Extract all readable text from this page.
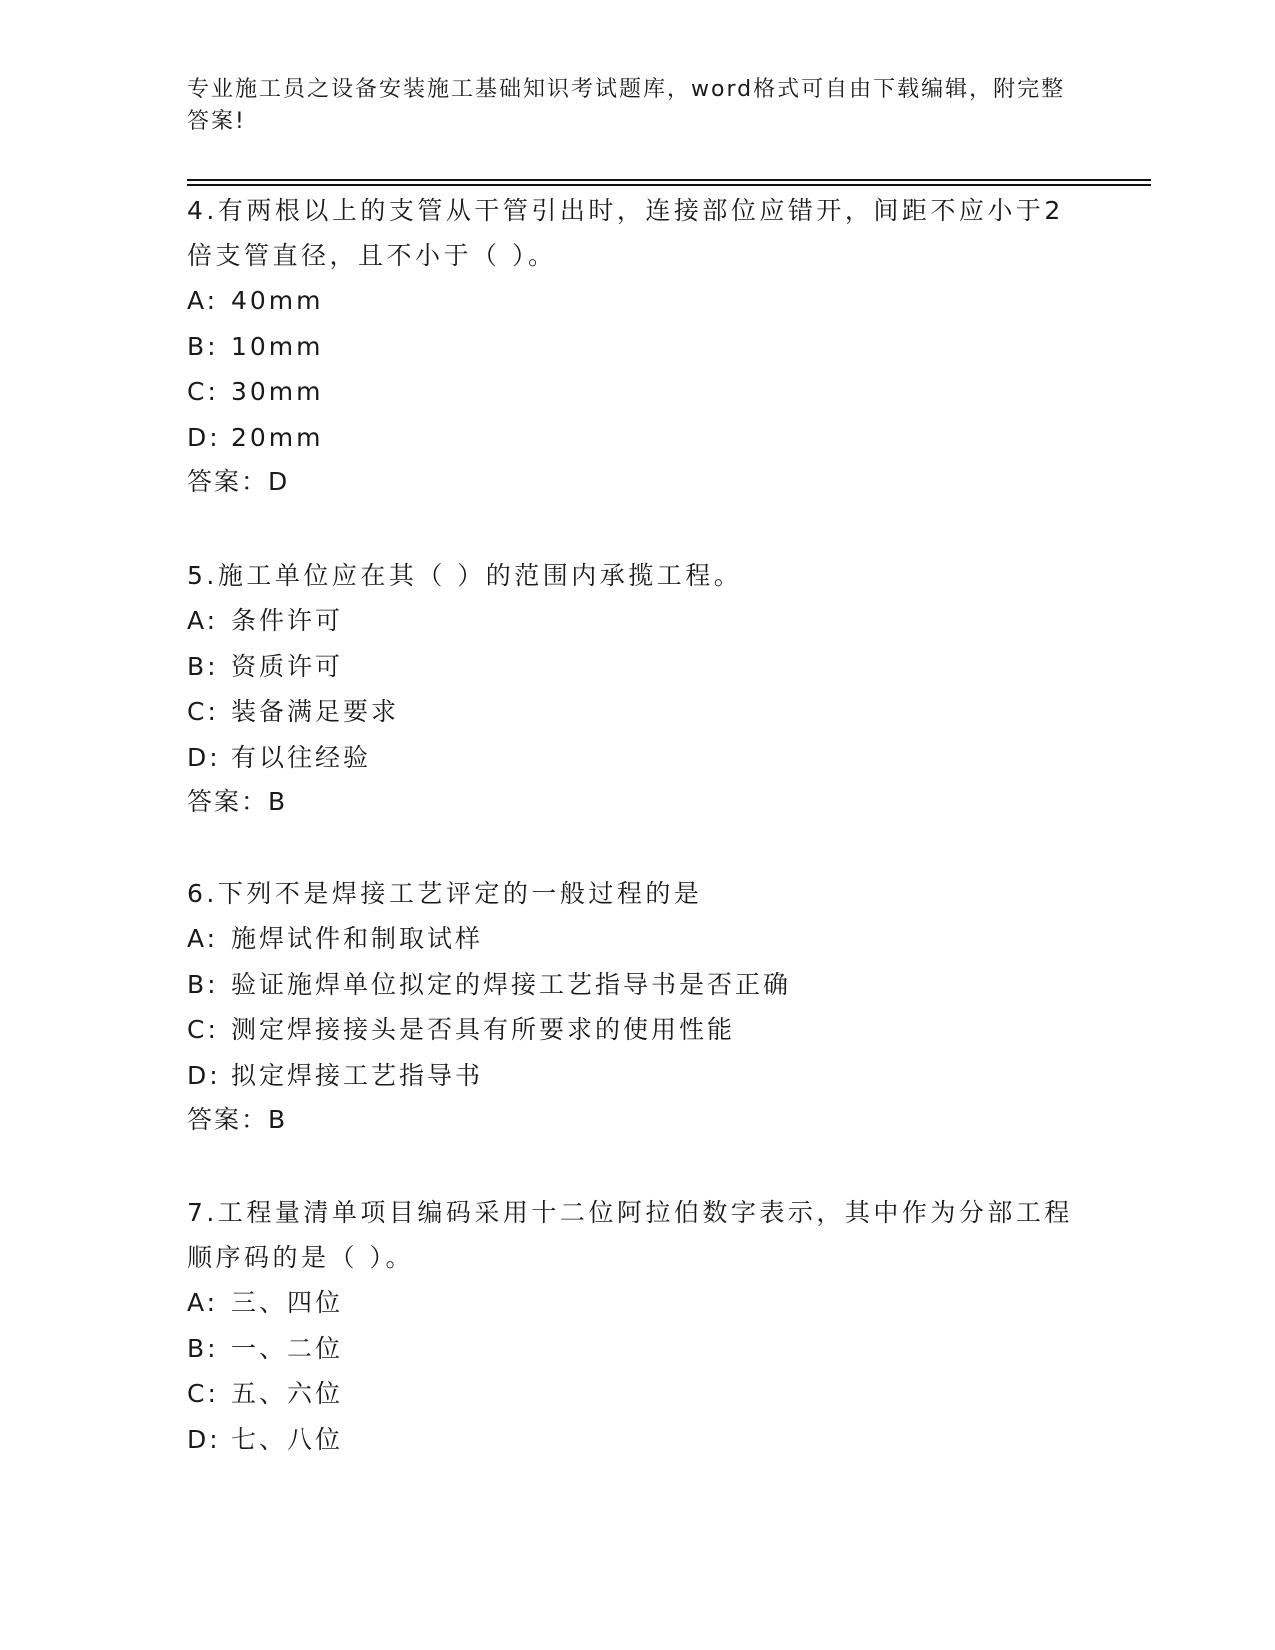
专业施工员之设备安装施工基础知识考试题库，word格式可自由下载编辑，附完整答案!

4.有两根以上的支管从干管引出时，连接部位应错开，间距不应小于2倍支管直径，且不小于（ ）。

A: 40mm
B: 10mm
C: 30mm
D: 20mm
答案：D

5.施工单位应在其（ ）的范围内承揽工程。

A: 条件许可
B: 资质许可
C: 装备满足要求
D: 有以往经验
答案：B

6.下列不是焊接工艺评定的一般过程的是

A: 施焊试件和制取试样
B: 验证施焊单位拟定的焊接工艺指导书是否正确
C: 测定焊接接头是否具有所要求的使用性能
D: 拟定焊接工艺指导书
答案：B

7.工程量清单项目编码采用十二位阿拉伯数字表示，其中作为分部工程顺序码的是（ ）。

A: 三、四位
B: 一、二位
C: 五、六位
D: 七、八位
